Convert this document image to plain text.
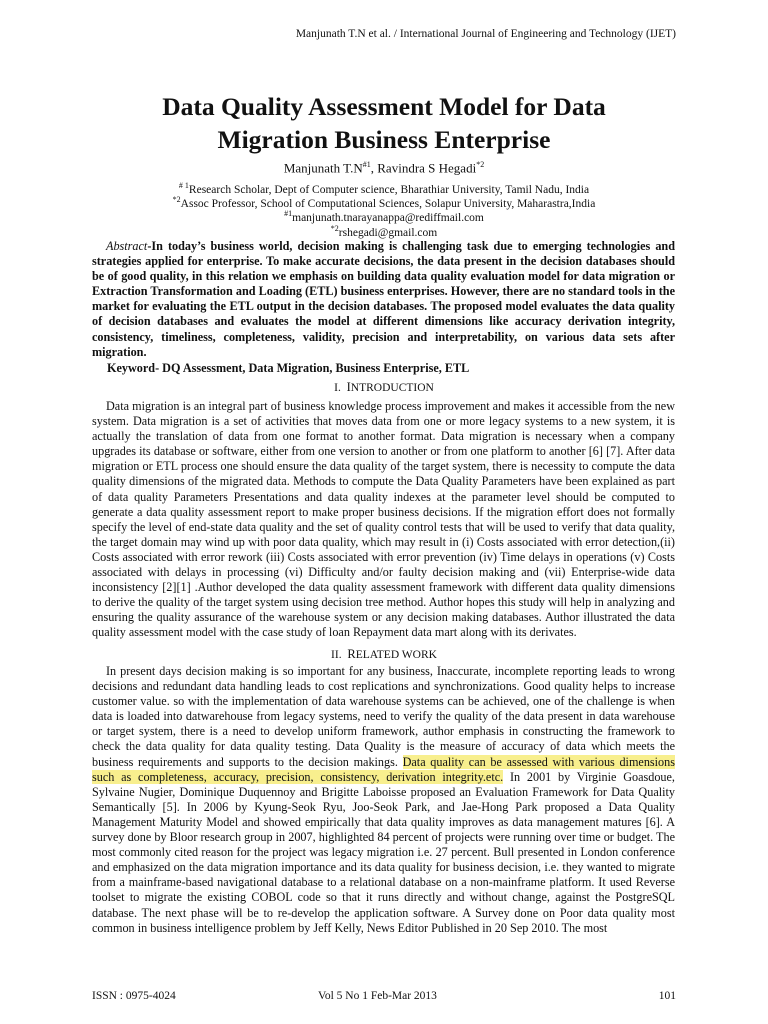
Manjunath T.N et al. / International Journal of Engineering and Technology (IJET)
Data Quality Assessment Model for Data
Migration Business Enterprise
Manjunath $T.N^{\#1}$, Ravindra S Hegadi$^{*2}$
$^{\# 1}$Research Scholar, Dept of Computer science, Bharathiar University, Tamil Nadu, India
$^{*2}$Assoc Professor, School of Computational Sciences, Solapur University, Maharastra,India
$^{\#1}$manjunath.tnarayanappa@rediffmail.com
$^{*2}$rshegadi@gmail.com

Abstract-In today’s business world, decision making is challenging task due to emerging technologies and strategies applied for enterprise. To make accurate decisions, the data present in the decision databases should be of good quality, in this relation we emphasis on building data quality evaluation model for data migration or Extraction Transformation and Loading (ETL) business enterprises. However, there are no standard tools in the market for evaluating the ETL output in the decision databases. The proposed model evaluates the data quality of decision databases and evaluates the model at different dimensions like accuracy derivation integrity, consistency, timeliness, completeness, validity, precision and interpretability, on various data sets after migration.

Keyword- DQ Assessment, Data Migration, Business Enterprise, ETL
I. INTRODUCTION

Data migration is an integral part of business knowledge process improvement and makes it accessible from the new system. Data migration is a set of activities that moves data from one or more legacy systems to a new system, it is actually the translation of data from one format to another format. Data migration is necessary when a company upgrades its database or software, either from one version to another or from one platform to another [6] [7]. After data migration or ETL process one should ensure the data quality of the target system, there is necessity to compute the data quality dimensions of the migrated data. Methods to compute the Data Quality Parameters have been explained as part of data quality Parameters Presentations and data quality indexes at the parameter level should be computed to generate a data quality assessment report to make proper business decisions. If the migration effort does not formally specify the level of end-state data quality and the set of quality control tests that will be used to verify that data quality, the target domain may wind up with poor data quality, which may result in (i) Costs associated with error detection,(ii) Costs associated with error rework (iii) Costs associated with error prevention (iv) Time delays in operations (v) Costs associated with delays in processing (vi) Difficulty and/or faulty decision making and (vii) Enterprise-wide data inconsistency [2][1] .Author developed the data quality assessment framework with different data quality dimensions to derive the quality of the target system using decision tree method. Author hopes this study will help in analyzing and ensuring the quality assurance of the warehouse system or any decision making databases. Author illustrated the data quality assessment model with the case study of loan Repayment data mart along with its derivates.

II. RELATED WORK

In present days decision making is so important for any business, Inaccurate, incomplete reporting leads to wrong decisions and redundant data handling leads to cost replications and synchronizations. Good quality helps to increase customer value. so with the implementation of data warehouse systems can be achieved, one of the challenge is when data is loaded into datwarehouse from legacy systems, need to verify the quality of the data present in data warehouse or target system, there is a need to develop uniform framework, author emphasis in constructing the framework to check the data quality for data quality testing. Data Quality is the measure of accuracy of data which meets the business requirements and supports to the decision makings. Data quality can be assessed with various dimensions such as completeness, accuracy, precision, consistency, derivation integrity.etc. In 2001 by Virginie Goasdoue, Sylvaine Nugier, Dominique Duquennoy and Brigitte Laboisse proposed an Evaluation Framework for Data Quality Semantically [5]. In 2006 by Kyung-Seok Ryu, Joo-Seok Park, and Jae-Hong Park proposed a Data Quality Management Maturity Model and showed empirically that data quality improves as data management matures [6]. A survey done by Bloor research group in 2007, highlighted 84 percent of projects were running over time or budget. The most commonly cited reason for the project was legacy migration i.e. 27 percent. Bull presented in London conference and emphasized on the data migration importance and its data quality for business decision, i.e. they wanted to migrate from a mainframe-based navigational database to a relational database on a non-mainframe platform. It used Reverse toolset to migrate the existing COBOL code so that it runs directly and without change, against the PostgreSQL database. The next phase will be to re-develop the application software. A Survey done on Poor data quality most common in business intelligence problem by Jeff Kelly, News Editor Published in 20 Sep 2010. The most

ISSN : 0975-4024	Vol 5 No 1 Feb-Mar 2013	101
